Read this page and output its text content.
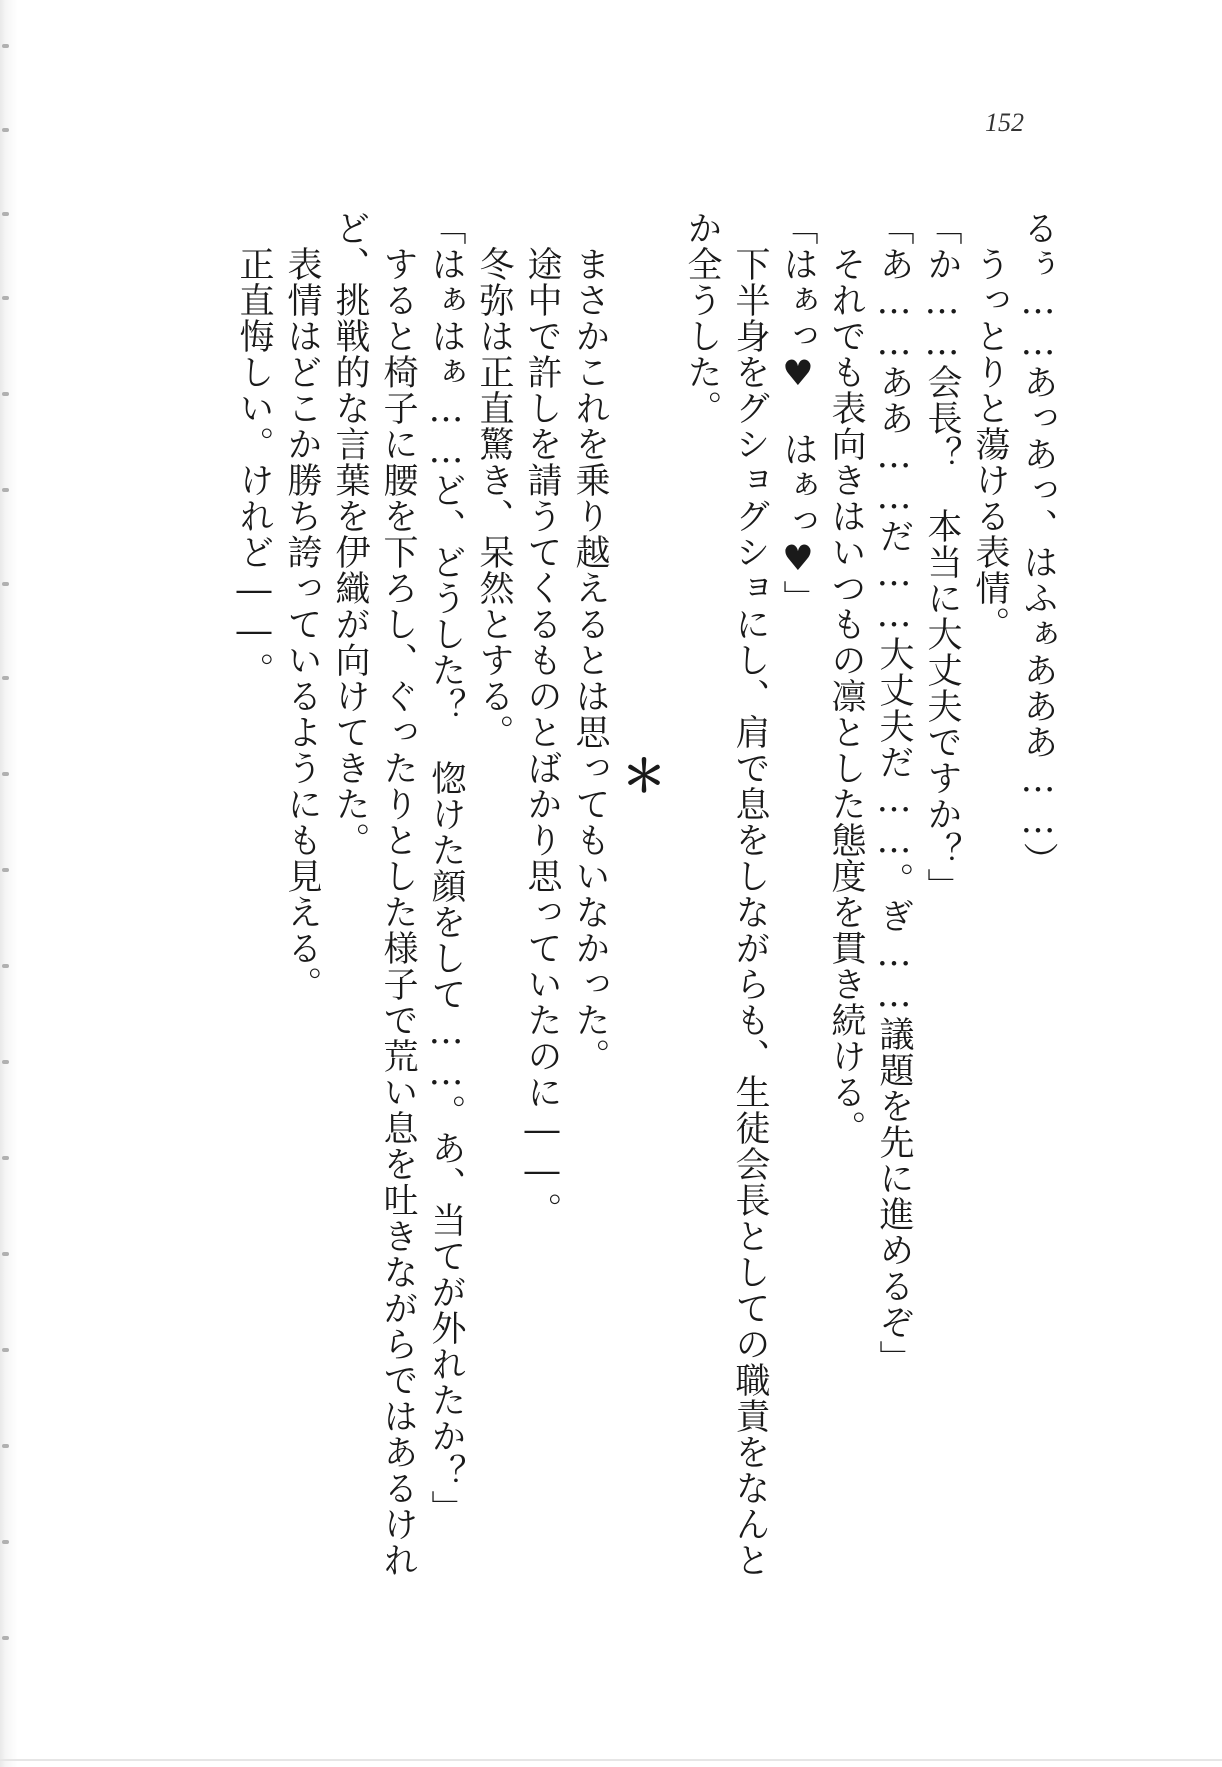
152
か全うした。 　下半身をグショグショにし、肩で息をしながらも、生徒会長としての職責をなんと 「はぁっ♥　はぁっ♥」 　それでも表向きはいつもの凛とした態度を貫き続ける。 「あ……ああ……だ……大丈夫だ……。ぎ……議題を先に進めるぞ」 「か……会長？　本当に大丈夫ですか？」 　うっとりと蕩ける表情。 るぅ……あっあっ、はふぁあああ……）
＊
　まさかこれを乗り越えるとは思ってもいなかった。
　途中で許しを請うてくるものとばかり思っていたのに――。
　冬弥は正直驚き、呆然とする。
「はぁはぁ……ど、どうした？　惚けた顔をして……。あ、当てが外れたか？」
　すると椅子に腰を下ろし、ぐったりとした様子で荒い息を吐きながらではあるけれ
ど、挑戦的な言葉を伊織が向けてきた。
　表情はどこか勝ち誇っているようにも見える。
　正直悔しい。けれど――。
